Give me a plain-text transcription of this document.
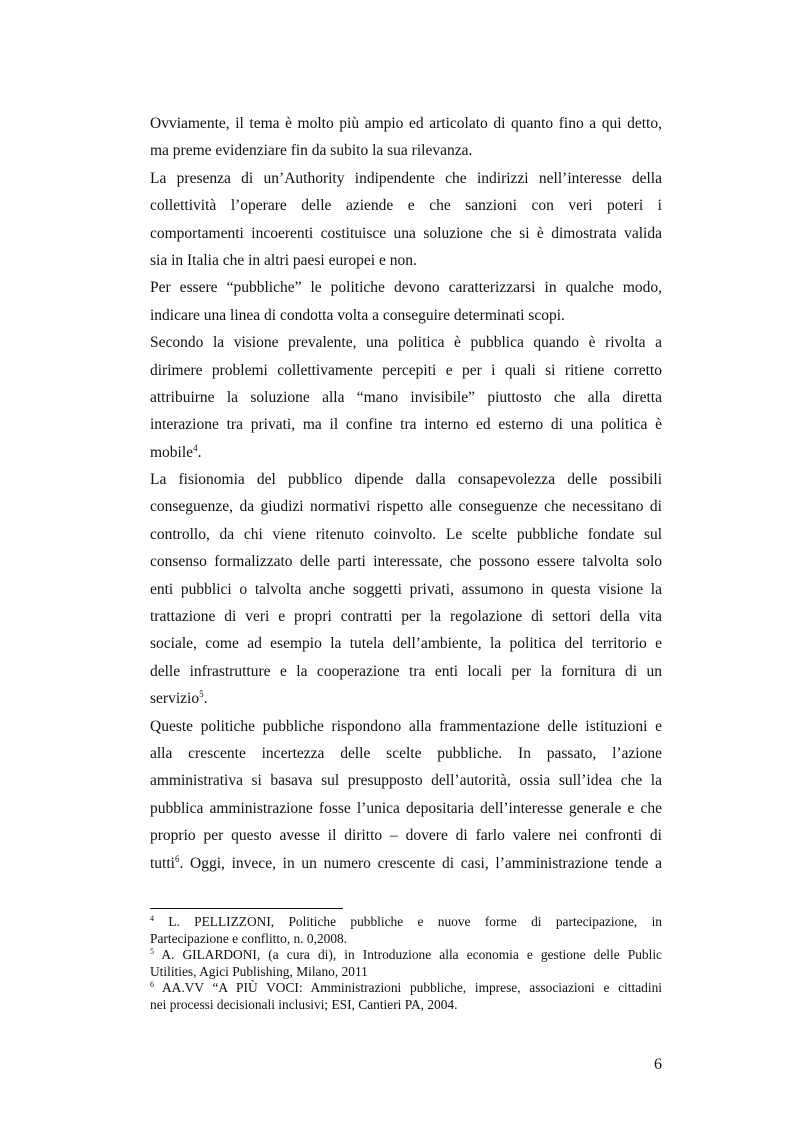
Ovviamente, il tema è molto più ampio ed articolato di quanto fino a qui detto,

ma preme evidenziare fin da subito la sua rilevanza.

La presenza di un’Authority indipendente che indirizzi nell’interesse della

collettività l’operare delle aziende e che sanzioni con veri poteri i

comportamenti incoerenti costituisce una soluzione che si è dimostrata valida

sia in Italia che in altri paesi europei e non.

Per essere “pubbliche” le politiche devono caratterizzarsi in qualche modo,

indicare una linea di condotta volta a conseguire determinati scopi.

Secondo la visione prevalente, una politica è pubblica quando è rivolta a

dirimere problemi collettivamente percepiti e per i quali si ritiene corretto

attribuirne la soluzione alla “mano invisibile” piuttosto che alla diretta

interazione tra privati, ma il confine tra interno ed esterno di una politica è

mobile$^4$.

La fisionomia del pubblico dipende dalla consapevolezza delle possibili

conseguenze, da giudizi normativi rispetto alle conseguenze che necessitano di

controllo, da chi viene ritenuto coinvolto. Le scelte pubbliche fondate sul

consenso formalizzato delle parti interessate, che possono essere talvolta solo

enti pubblici o talvolta anche soggetti privati, assumono in questa visione la

trattazione di veri e propri contratti per la regolazione di settori della vita

sociale, come ad esempio la tutela dell’ambiente, la politica del territorio e

delle infrastrutture e la cooperazione tra enti locali per la fornitura di un

servizio$^5$.

Queste politiche pubbliche rispondono alla frammentazione delle istituzioni e

alla crescente incertezza delle scelte pubbliche. In passato, l’azione

amministrativa si basava sul presupposto dell’autorità, ossia sull’idea che la

pubblica amministrazione fosse l’unica depositaria dell’interesse generale e che

proprio per questo avesse il diritto – dovere di farlo valere nei confronti di

tutti$^6$. Oggi, invece, in un numero crescente di casi, l’amministrazione tende a

$^4$ L. PELLIZZONI, Politiche pubbliche e nuove forme di partecipazione, in

Partecipazione e conflitto, n. 0,2008.

$^5$ A. GILARDONI, (a cura di), in Introduzione alla economia e gestione delle Public

Utilities, Agici Publishing, Milano, 2011

$^6$ AA.VV “A PIÙ VOCI: Amministrazioni pubbliche, imprese, associazioni e cittadini

nei processi decisionali inclusivi; ESI, Cantieri PA, 2004.

6
